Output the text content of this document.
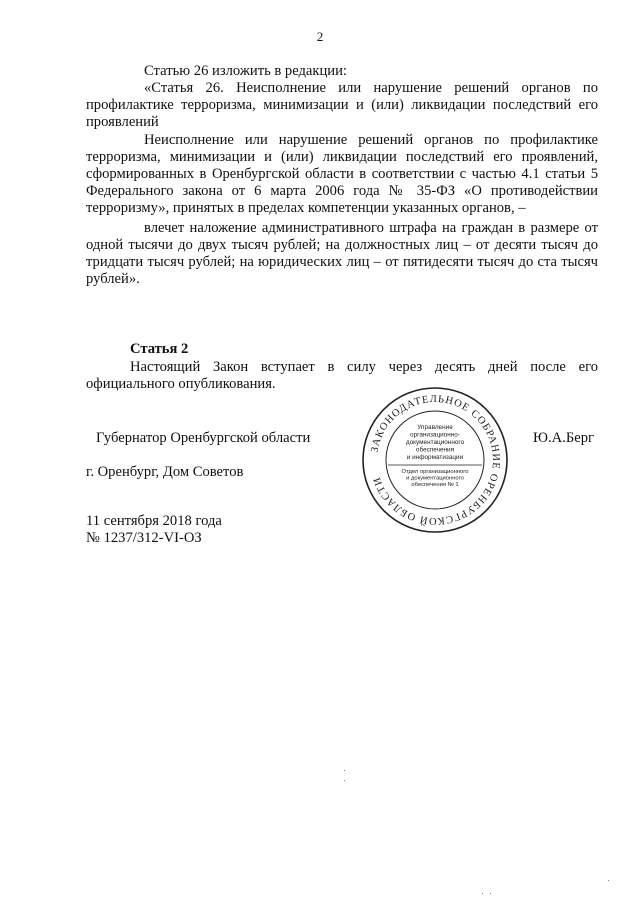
2

Статью 26 изложить в редакции:

«Статья 26. Неисполнение или нарушение решений органов по профилактике терроризма, минимизации и (или) ликвидации последствий его проявлений

Неисполнение или нарушение решений органов по профилактике терроризма, минимизации и (или) ликвидации последствий его проявлений, сформированных в Оренбургской области в соответствии с частью 4.1 статьи 5 Федерального закона от 6 марта 2006 года № 35-ФЗ «О противодействии терроризму», принятых в пределах компетенции указанных органов, –

влечет наложение административного штрафа на граждан в размере от одной тысячи до двух тысяч рублей; на должностных лиц – от десяти тысяч до тридцати тысяч рублей; на юридических лиц – от пятидесяти тысяч до ста тысяч рублей».

Статья 2

Настоящий Закон вступает в силу через десять дней после его официального опубликования.

Губернатор Оренбургской области	Ю.А.Берг
г. Оренбург, Дом Советов
11 сентября 2018 года
№ 1237/312-VI-ОЗ
ЗАКОНОДАТЕЛЬНОЕ СОБРАНИЕ ОРЕНБУРГСКОЙ ОБЛАСТИ
Управление
организационно-
документационного
обеспечения
и информатизации
Отдел организационного
и документационного
обеспечения № 1
